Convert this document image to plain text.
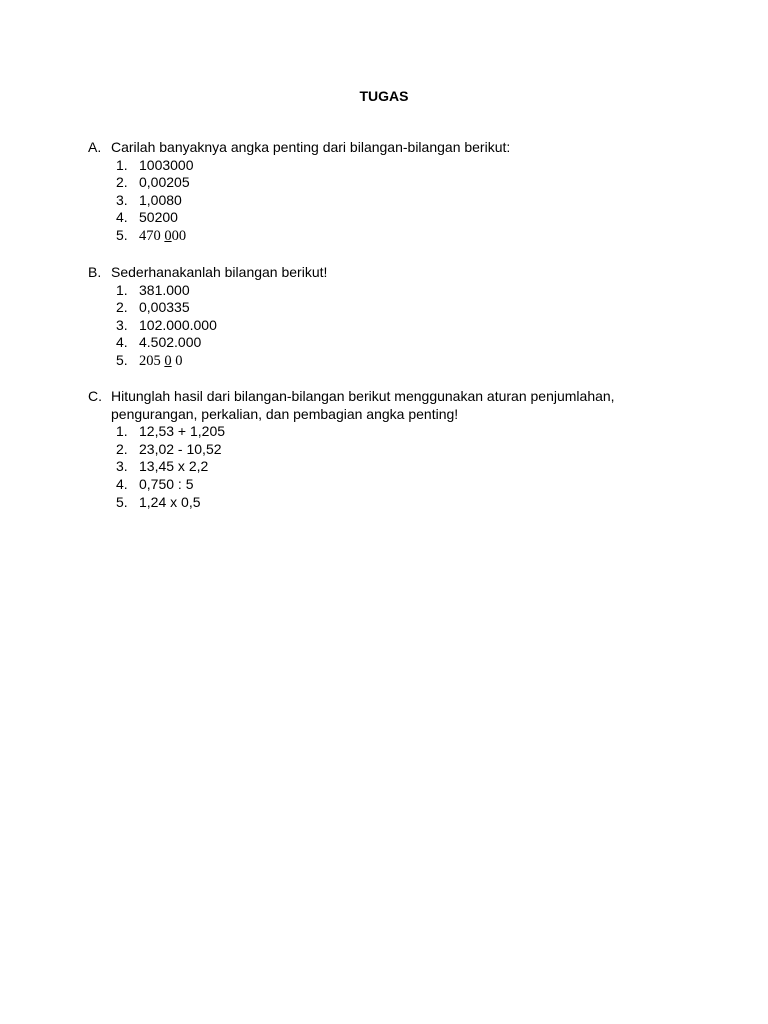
TUGAS
A. Carilah banyaknya angka penting dari bilangan-bilangan berikut:
1. 1003000
2. 0,00205
3. 1,0080
4. 50200
5. 470 000
B. Sederhanakanlah bilangan berikut!
1. 381.000
2. 0,00335
3. 102.000.000
4. 4.502.000
5. 205 0 0
C. Hitunglah hasil dari bilangan-bilangan berikut menggunakan aturan penjumlahan,
pengurangan, perkalian, dan pembagian angka penting!
1. 12,53 + 1,205
2. 23,02 - 10,52
3. 13,45 x 2,2
4. 0,750 : 5
5. 1,24 x 0,5
